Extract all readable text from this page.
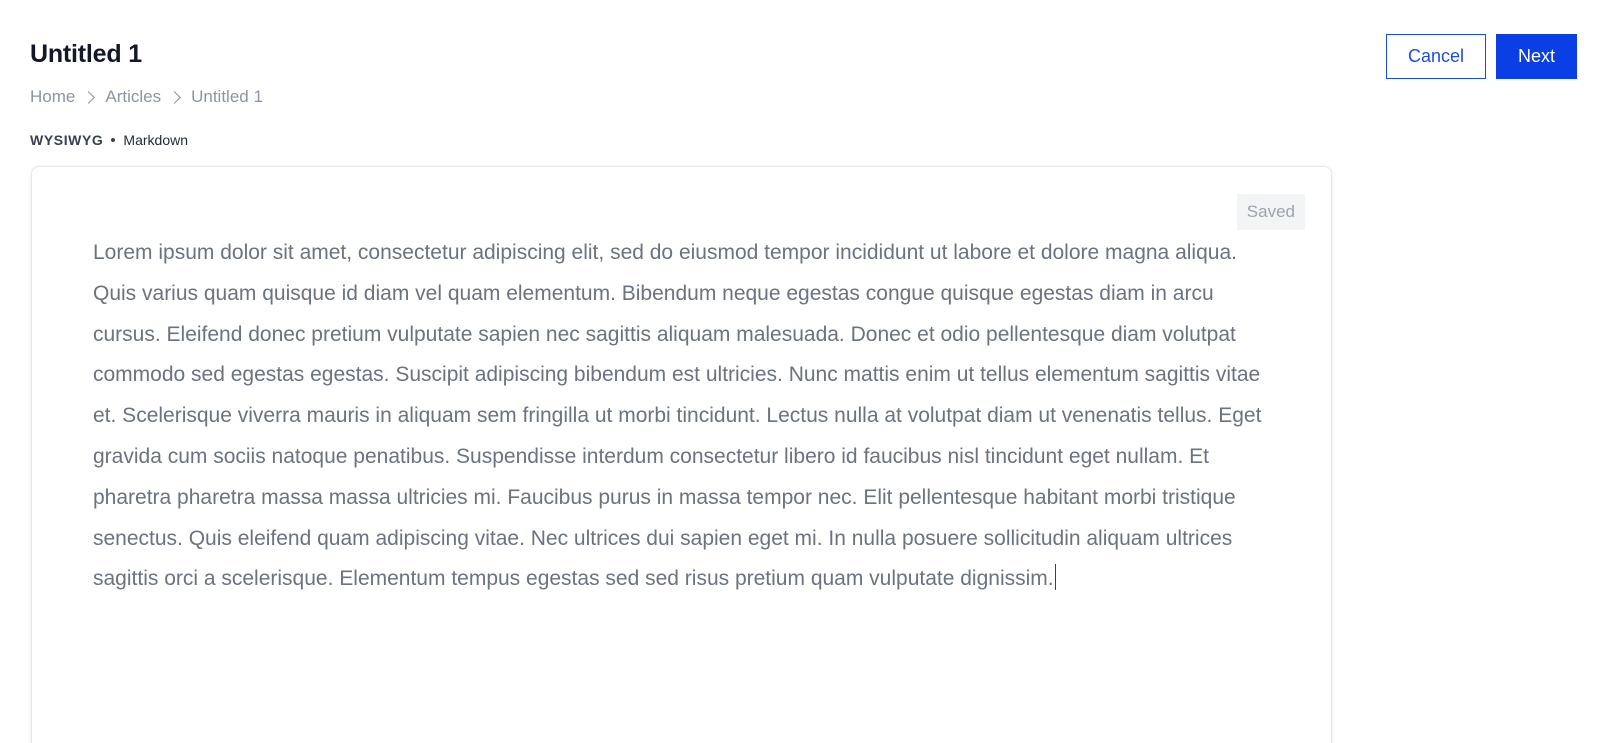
Untitled 1
Home Articles Untitled 1
WYSIWYG Markdown
Cancel	Next
Saved
Lorem ipsum dolor sit amet, consectetur adipiscing elit, sed do eiusmod tempor incididunt ut labore et dolore magna aliqua. Quis varius quam quisque id diam vel quam elementum. Bibendum neque egestas congue quisque egestas diam in arcu cursus. Eleifend donec pretium vulputate sapien nec sagittis aliquam malesuada. Donec et odio pellentesque diam volutpat commodo sed egestas egestas. Suscipit adipiscing bibendum est ultricies. Nunc mattis enim ut tellus elementum sagittis vitae et. Scelerisque viverra mauris in aliquam sem fringilla ut morbi tincidunt. Lectus nulla at volutpat diam ut venenatis tellus. Eget gravida cum sociis natoque penatibus. Suspendisse interdum consectetur libero id faucibus nisl tincidunt eget nullam. Et pharetra pharetra massa massa ultricies mi. Faucibus purus in massa tempor nec. Elit pellentesque habitant morbi tristique senectus. Quis eleifend quam adipiscing vitae. Nec ultrices dui sapien eget mi. In nulla posuere sollicitudin aliquam ultrices sagittis orci a scelerisque. Elementum tempus egestas sed sed risus pretium quam vulputate dignissim.
